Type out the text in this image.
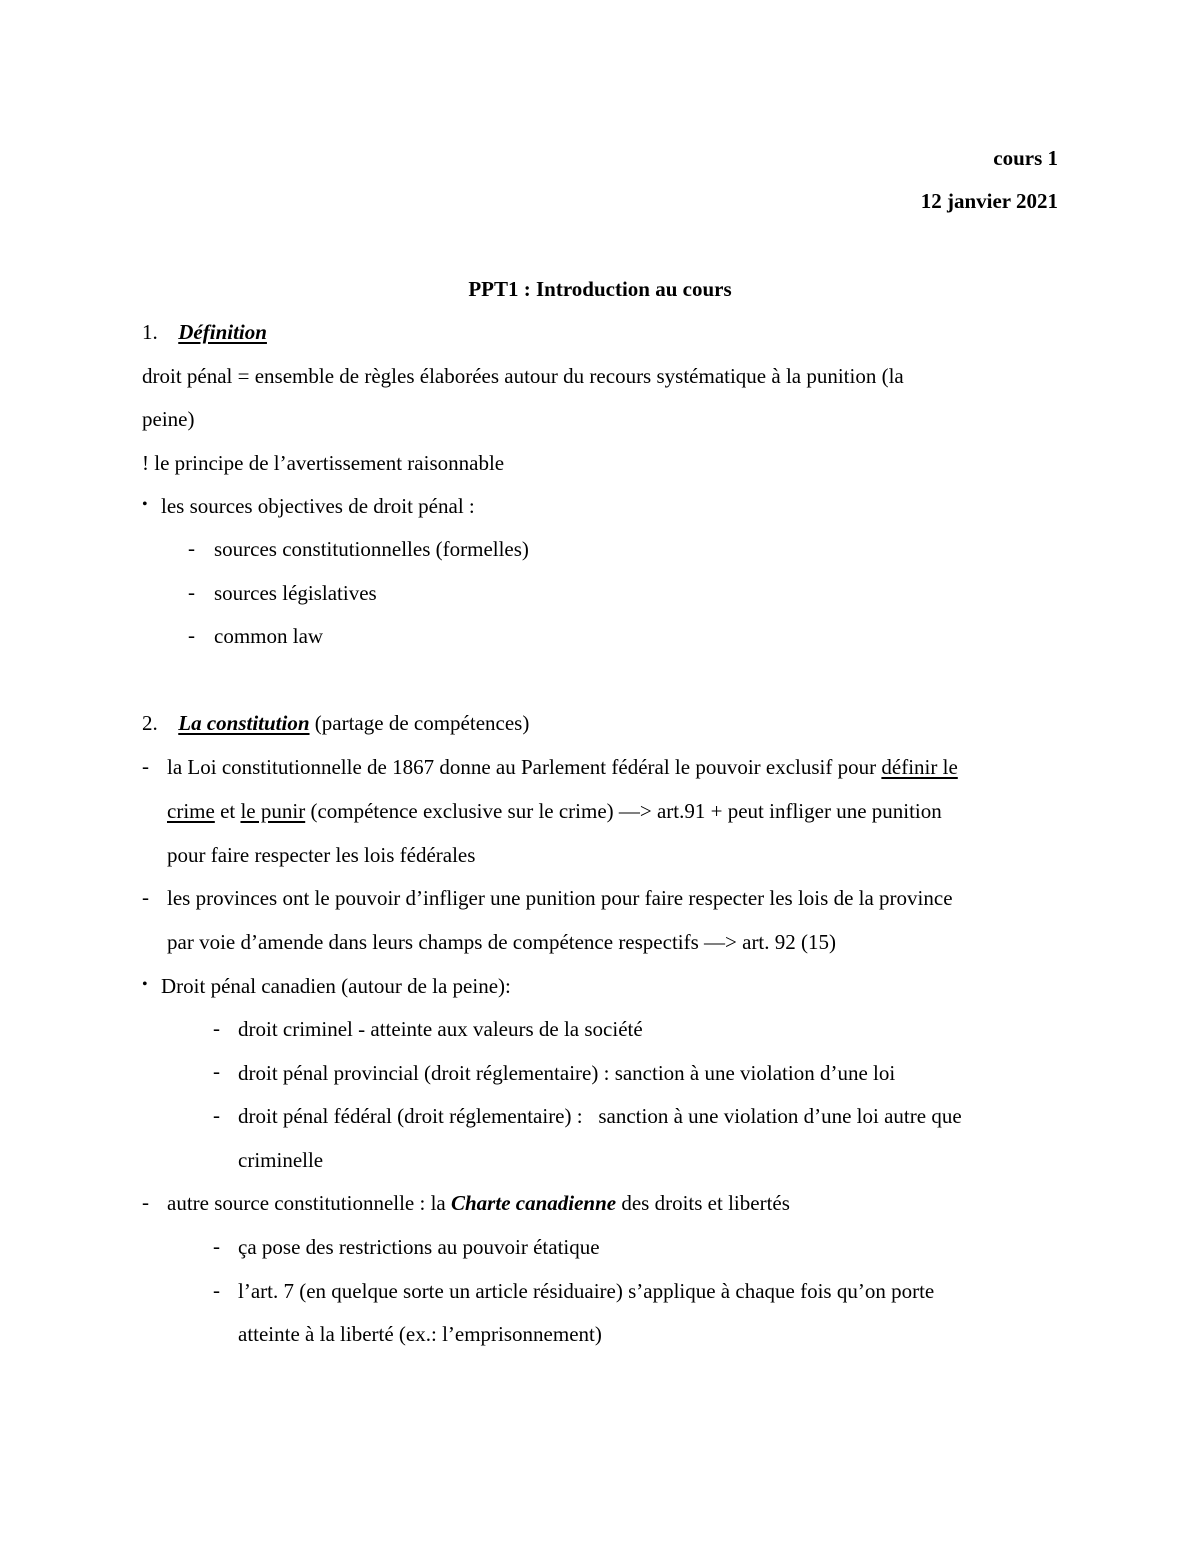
cours 1
12 janvier 2021
PPT1 : Introduction au cours
1. Définition
droit pénal = ensemble de règles élaborées autour du recours systématique à la punition (la
peine)
! le principe de l’avertissement raisonnable
• les sources objectives de droit pénal :
- sources constitutionnelles (formelles)
- sources législatives
- common law
2. La constitution (partage de compétences)
- la Loi constitutionnelle de 1867 donne au Parlement fédéral le pouvoir exclusif pour définir le
crime et le punir (compétence exclusive sur le crime) —> art.91 + peut infliger une punition
pour faire respecter les lois fédérales
- les provinces ont le pouvoir d’infliger une punition pour faire respecter les lois de la province
par voie d’amende dans leurs champs de compétence respectifs —> art. 92 (15)
• Droit pénal canadien (autour de la peine):
- droit criminel - atteinte aux valeurs de la société
- droit pénal provincial (droit réglementaire) : sanction à une violation d’une loi
- droit pénal fédéral (droit réglementaire) :   sanction à une violation d’une loi autre que
criminelle
- autre source constitutionnelle : la Charte canadienne des droits et libertés
- ça pose des restrictions au pouvoir étatique
- l’art. 7 (en quelque sorte un article résiduaire) s’applique à chaque fois qu’on porte
atteinte à la liberté (ex.: l’emprisonnement)
